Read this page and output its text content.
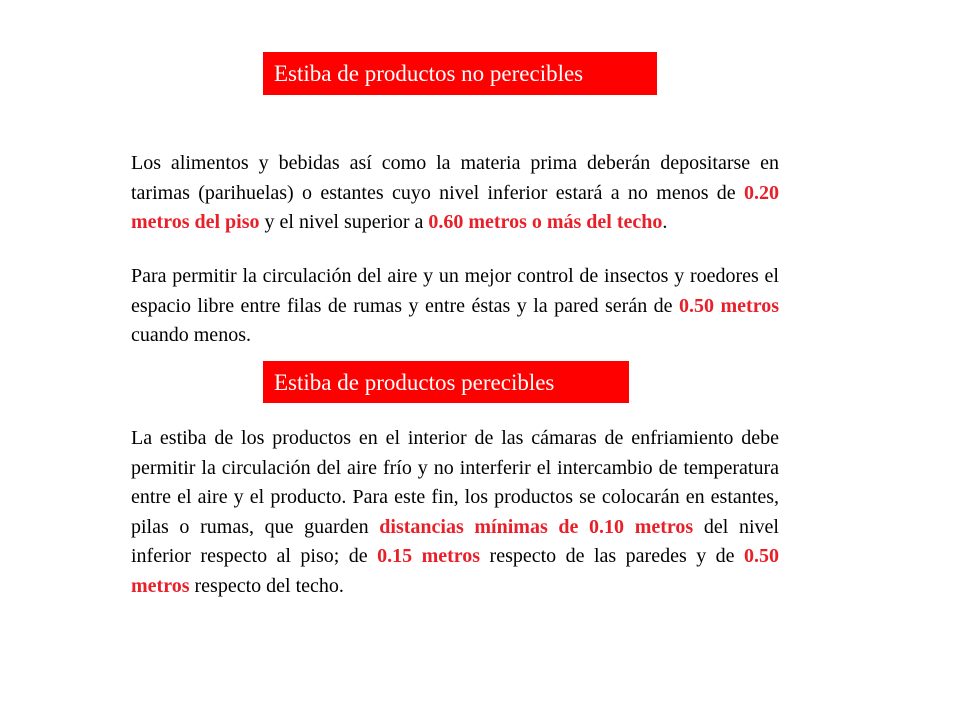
Estiba de productos no perecibles

Los alimentos y bebidas así como la materia prima deberán depositarse en tarimas (parihuelas) o estantes cuyo nivel inferior estará a no menos de 0.20 metros del piso y el nivel superior a 0.60 metros o más del techo.

Para permitir la circulación del aire y un mejor control de insectos y roedores el espacio libre entre filas de rumas y entre éstas y la pared serán de 0.50 metros cuando menos.

Estiba de productos perecibles

La estiba de los productos en el interior de las cámaras de enfriamiento debe permitir la circulación del aire frío y no interferir el intercambio de temperatura entre el aire y el producto. Para este fin, los productos se colocarán en estantes, pilas o rumas, que guarden distancias mínimas de 0.10 metros del nivel inferior respecto al piso; de 0.15 metros respecto de las paredes y de 0.50 metros respecto del techo.
